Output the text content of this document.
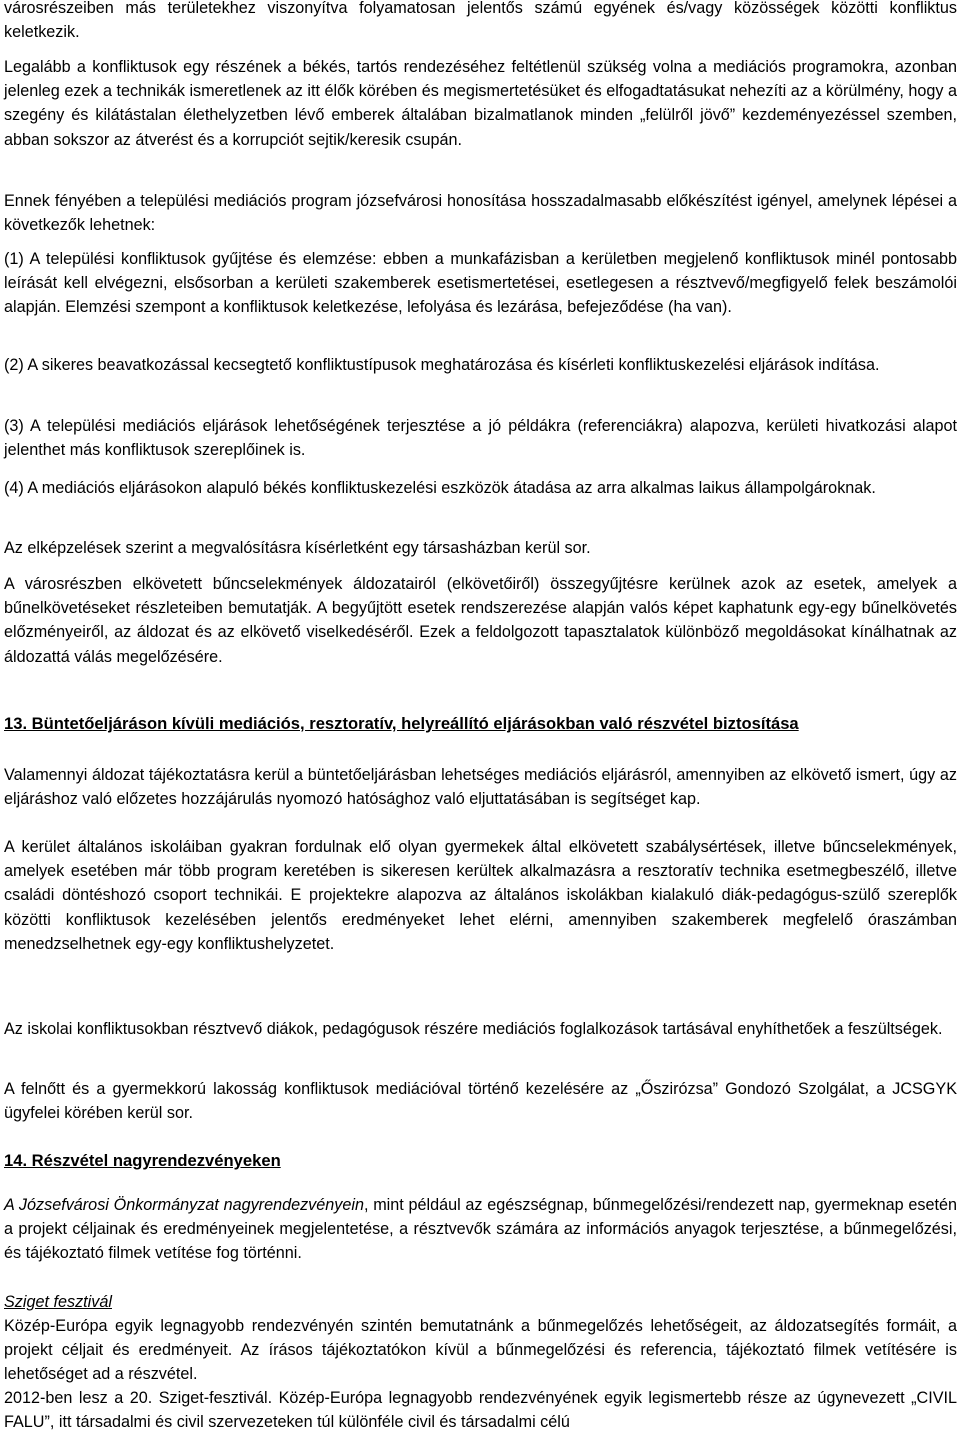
városrészeiben más területekhez viszonyítva folyamatosan jelentős számú egyének és/vagy közösségek közötti konfliktus keletkezik.

Legalább a konfliktusok egy részének a békés, tartós rendezéséhez feltétlenül szükség volna a mediációs programokra, azonban jelenleg ezek a technikák ismeretlenek az itt élők körében és megismertetésüket és elfogadtatásukat nehezíti az a körülmény, hogy a szegény és kilátástalan élethelyzetben lévő emberek általában bizalmatlanok minden „felülről jövő” kezdeményezéssel szemben, abban sokszor az átverést és a korrupciót sejtik/keresik csupán.

Ennek fényében a települési mediációs program józsefvárosi honosítása hosszadalmasabb előkészítést igényel, amelynek lépései a következők lehetnek:

(1) A települési konfliktusok gyűjtése és elemzése: ebben a munkafázisban a kerületben megjelenő konfliktusok minél pontosabb leírását kell elvégezni, elsősorban a kerületi szakemberek esetismertetései, esetlegesen a résztvevő/megfigyelő felek beszámolói alapján. Elemzési szempont a konfliktusok keletkezése, lefolyása és lezárása, befejeződése (ha van).

(2) A sikeres beavatkozással kecsegtető konfliktustípusok meghatározása és kísérleti konfliktuskezelési eljárások indítása.

(3) A települési mediációs eljárások lehetőségének terjesztése a jó példákra (referenciákra) alapozva, kerületi hivatkozási alapot jelenthet más konfliktusok szereplőinek is.

(4) A mediációs eljárásokon alapuló békés konfliktuskezelési eszközök átadása az arra alkalmas laikus állampolgároknak.

Az elképzelések szerint a megvalósításra kísérletként egy társasházban kerül sor.

A városrészben elkövetett bűncselekmények áldozatairól (elkövetőiről) összegyűjtésre kerülnek azok az esetek, amelyek a bűnelkövetéseket részleteiben bemutatják. A begyűjtött esetek rendszerezése alapján valós képet kaphatunk egy-egy bűnelkövetés előzményeiről, az áldozat és az elkövető viselkedéséről. Ezek a feldolgozott tapasztalatok különböző megoldásokat kínálhatnak az áldozattá válás megelőzésére.

13. Büntetőeljáráson kívüli mediációs, resztoratív, helyreállító eljárásokban való részvétel biztosítása

Valamennyi áldozat tájékoztatásra kerül a büntetőeljárásban lehetséges mediációs eljárásról, amennyiben az elkövető ismert, úgy az eljáráshoz való előzetes hozzájárulás nyomozó hatósághoz való eljuttatásában is segítséget kap.

A kerület általános iskoláiban gyakran fordulnak elő olyan gyermekek által elkövetett szabálysértések, illetve bűncselekmények, amelyek esetében már több program keretében is sikeresen kerültek alkalmazásra a resztoratív technika esetmegbeszélő, illetve családi döntéshozó csoport technikái. E projektekre alapozva az általános iskolákban kialakuló diák-pedagógus-szülő szereplők közötti konfliktusok kezelésében jelentős eredményeket lehet elérni, amennyiben szakemberek megfelelő óraszámban menedzselhetnek egy-egy konfliktushelyzetet.

Az iskolai konfliktusokban résztvevő diákok, pedagógusok részére mediációs foglalkozások tartásával enyhíthetőek a feszültségek.

A felnőtt és a gyermekkorú lakosság konfliktusok mediációval történő kezelésére az „Őszirózsa” Gondozó Szolgálat, a JCSGYK ügyfelei körében kerül sor.

14. Részvétel nagyrendezvényeken

A Józsefvárosi Önkormányzat nagyrendezvényein, mint például az egészségnap, bűnmegelőzési/rendezett nap, gyermeknap esetén a projekt céljainak és eredményeinek megjelentetése, a résztvevők számára az információs anyagok terjesztése, a bűnmegelőzési, és tájékoztató filmek vetítése fog történni.

Sziget fesztivál

Közép-Európa egyik legnagyobb rendezvényén szintén bemutatnánk a bűnmegelőzés lehetőségeit, az áldozatsegítés formáit, a projekt céljait és eredményeit. Az írásos tájékoztatókon kívül a bűnmegelőzési és referencia, tájékoztató filmek vetítésére is lehetőséget ad a részvétel.

2012-ben lesz a 20. Sziget-fesztivál. Közép-Európa legnagyobb rendezvényének egyik legismertebb része az úgynevezett „CIVIL FALU”, itt társadalmi és civil szervezeteken túl különféle civil és társadalmi célú
